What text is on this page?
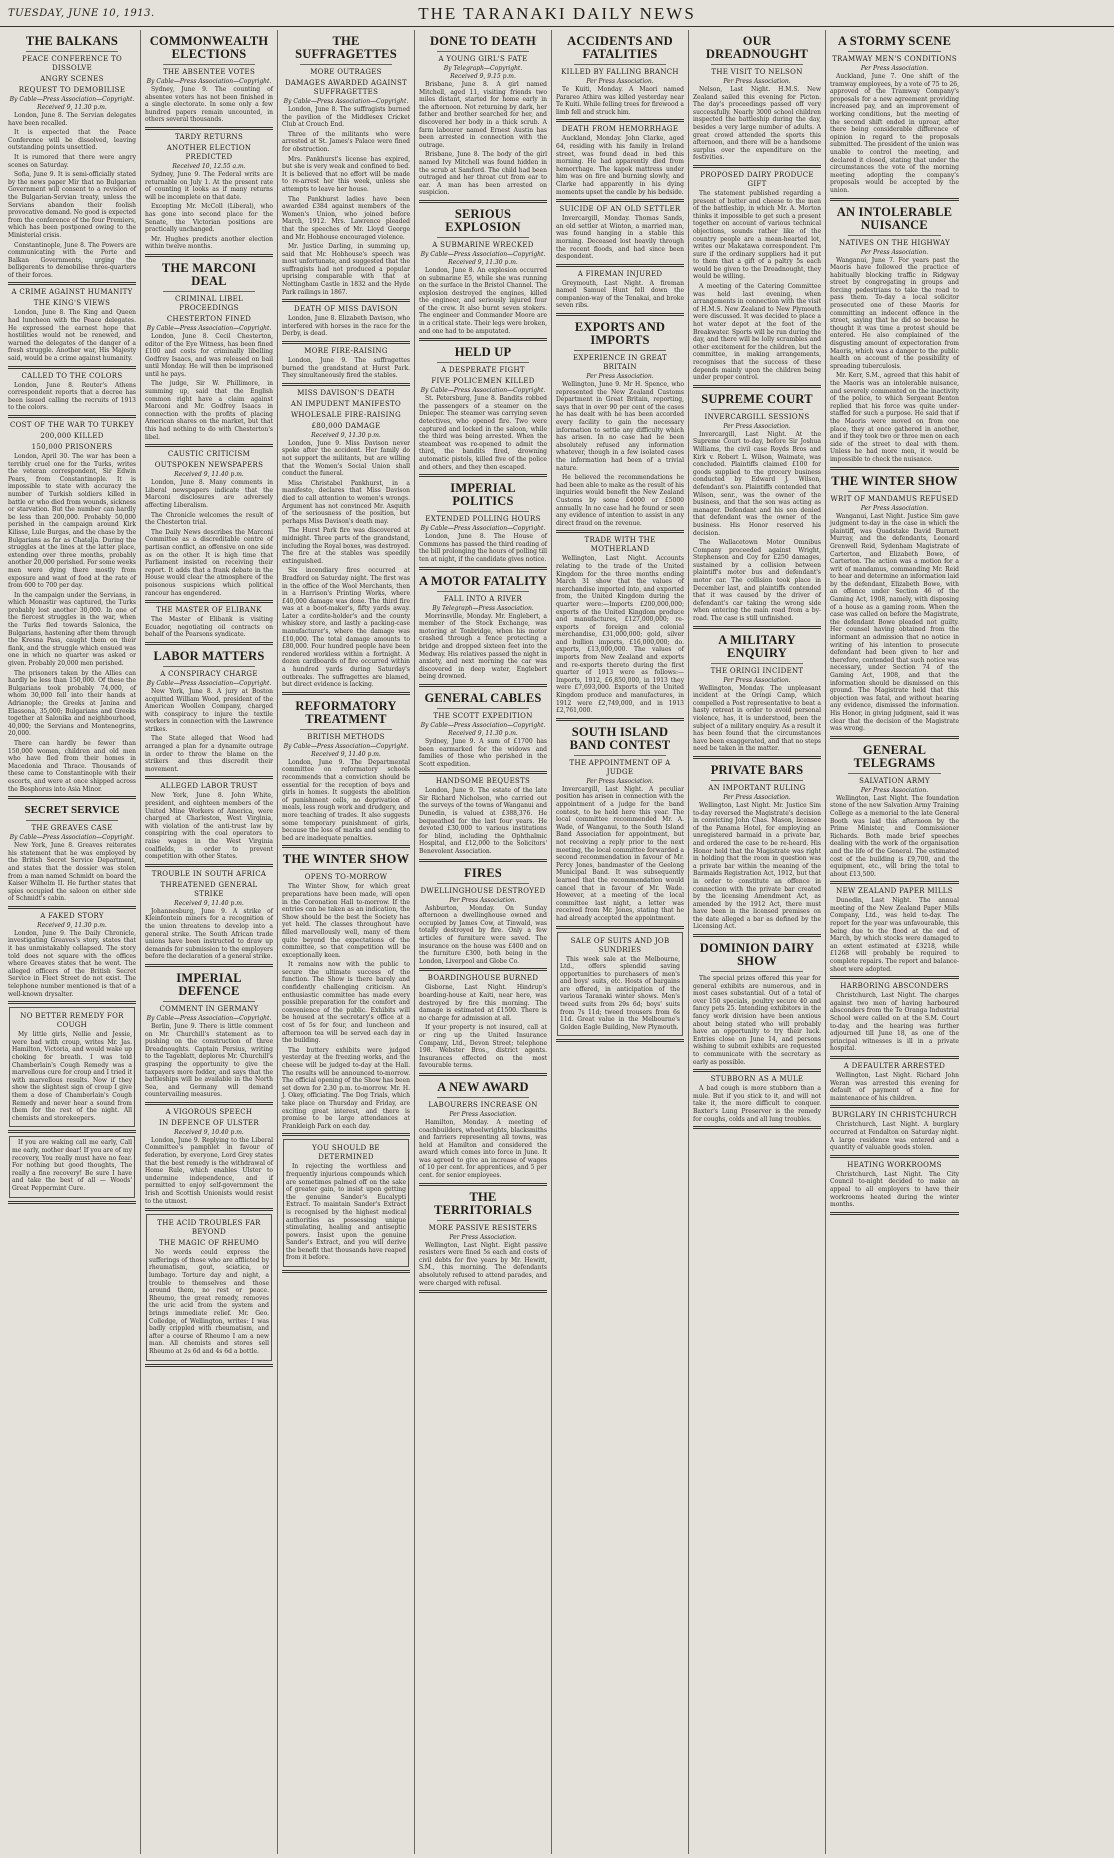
TUESDAY, JUNE 10, 1913.	THE TARANAKI DAILY NEWS
THE BALKANS
PEACE CONFERENCE TO DISSOLVE
ANGRY SCENES
REQUEST TO DEMOBILISE
By Cable—Press Association—Copyright.
Received 9, 11.30 p.m.

London, June 8. The Servian delegates have been recalled.

It is expected that the Peace Conference will be dissolved, leaving outstanding points unsettled.

It is rumored that there were angry scenes on Saturday.

Sofia, June 9. It is semi-officially stated by the news paper Mir that no Bulgarian Government will consent to a revision of the Bulgarian-Servian treaty, unless the Servians abandon their foolish provocative demand. No good is expected from the conference of the four Premiers, which has been postponed owing to the Ministerial crisis.

Constantinople, June 8. The Powers are communicating with the Porte and Balkan Governments, urging the belligerents to demobilise three-quarters of their forces.

A CRIME AGAINST HUMANITY
THE KING'S VIEWS

London, June 8. The King and Queen had luncheon with the Peace delegates. He expressed the earnest hope that hostilities would not be renewed, and warned the delegates of the danger of a fresh struggle. Another war, His Majesty said, would be a crime against humanity.

CALLED TO THE COLORS

London, June 8. Reuter's Athens correspondent reports that a decree has been issued calling the recruits of 1913 to the colors.

COST OF THE WAR TO TURKEY
200,000 KILLED
150,000 PRISONERS

London, April 30. The war has been a terribly cruel one for the Turks, writes the veteran correspondent, Sir Edwin Pears, from Constantinople. It is impossible to state with accuracy the number of Turkish soldiers killed in battle or who died from wounds, sickness or starvation. But the number can hardly be less than 200,000. Probably 50,000 perished in the campaign around Kirk Kilisse, Lule Burgas, and the chase by the Bulgarians as far as Chatalja. During the struggles at the lines at the latter place, extending over three months, probably another 20,000 perished. For some weeks men were dying there mostly from exposure and want of food at the rate of from 600 to 700 per day.

In the campaign under the Servians, in which Monastir was captured, the Turks probably lost another 30,000. In one of the fiercest struggles in the war, when the Turks fled towards Salonica, the Bulgarians, hastening after them through the Kresna Pass, caught them on their flank, and the struggle which ensued was one in which no quarter was asked or given. Probably 20,000 men perished.

The prisoners taken by the Allies can hardly be less than 150,000. Of these the Bulgarians took probably 74,000, of whom 30,000 fell into their hands at Adrianople; the Greeks at Janina and Elassona, 35,000; Bulgarians and Greeks together at Salonika and neighbourhood, 40,000; the Servians and Montenegrins, 20,000.

There can hardly be fewer than 150,000 women, children and old men who have fled from their homes in Macedonia and Thrace. Thousands of these came to Constantinople with their escorts, and were at once shipped across the Bosphorus into Asia Minor.

SECRET SERVICE
THE GREAVES CASE
By Cable—Press Association—Copyright.

New York, June 8. Greaves reiterates his statement that he was employed by the British Secret Service Department, and states that the dossier was stolen from a man named Schmidt on board the Kaiser Wilhelm II. He further states that spies occupied the saloon on either side of Schmidt's cabin.

A FAKED STORY
Received 9, 11.30 p.m.

London, June 9. The Daily Chronicle, investigating Greaves's story, states that it has unmistakably collapsed. The story told does not square with the offices where Greaves states that he went. The alleged officers of the British Secret Service in Fleet Street do not exist. The telephone number mentioned is that of a well-known drysalter.

NO BETTER REMEDY FOR COUGH

My little girls, Nellie and Jessie, were bad with croup, writes Mr. Jas. Hamilton, Victoria, and would wake up choking for breath. I was told Chamberlain's Cough Remedy was a marvellous cure for croup and I tried it with marvellous results. Now if they show the slightest sign of croup I give them a dose of Chamberlain's Cough Remedy and never hear a sound from them for the rest of the night. All chemists and storekeepers.

If you are waking call me early, Call me early, mother dear! If you are of my recovery, You really must have no fear. For nothing but good thoughts, The really a fine recovery! Be sure I have and take the best of all — Woods' Great Peppermint Cure.

COMMONWEALTH ELECTIONS
THE ABSENTEE VOTES
By Cable—Press Association—Copyright.

Sydney, June 9. The counting of absentee voters has not been finished in a single electorate. In some only a few hundred papers remain uncounted, in others several thousands.

TARDY RETURNS
ANOTHER ELECTION PREDICTED
Received 10, 12.55 a.m.

Sydney, June 9. The Federal writs are returnable on July 1. At the present rate of counting it looks as if many returns will be incomplete on that date.

Excepting Mr. McColl (Liberal), who has gone into second place for the Senate, the Victorian positions are practically unchanged.

Mr. Hughes predicts another election within twelve months.

THE MARCONI DEAL
CRIMINAL LIBEL PROCEEDINGS
CHESTERTON FINED
By Cable—Press Association—Copyright.

London, June 8. Cecil Chesterton, editor of the Eye Witness, has been fined £100 and costs for criminally libelling Godfrey Isaacs, and was released on bail until Monday. He will then be imprisoned until he pays.

The judge, Sir W. Phillimore, in summing up, said that the English common right have a claim against Marconi and Mr. Godfrey Isaacs in connection with the profits of placing American shares on the market, but that this had nothing to do with Chesterton's libel.

CAUSTIC CRITICISM
OUTSPOKEN NEWSPAPERS
Received 9, 11.40 p.m.

London, June 8. Many comments in Liberal newspapers indicate that the Marconi disclosures are adversely affecting Liberalism.

The Chronicle welcomes the result of the Chesterton trial.

The Daily News describes the Marconi Committee as a discreditable centre of partisan conflict, an offensive on one side as on the other. It is high time that Parliament insisted on receiving their report. It adds that a frank debate in the House would clear the atmosphere of the poisonous suspicions which political rancour has engendered.

THE MASTER OF ELIBANK

The Master of Elibank is visiting Ecuador, negotiating oil contracts on behalf of the Pearsons syndicate.

LABOR MATTERS
A CONSPIRACY CHARGE
By Cable—Press Association—Copyright.

New York, June 8. A jury at Boston acquitted William Wood, president of the American Woollen Company, charged with conspiracy to injure the textile workers in connection with the Lawrence strikes.

The State alleged that Wood had arranged a plan for a dynamite outrage in order to throw the blame on the strikers and thus discredit their movement.

ALLEGED LABOR TRUST

New York, June 8. John White, president, and eighteen members of the United Mine Workers of America, were charged at Charleston, West Virginia, with violation of the anti-trust law by conspiring with the coal operators to raise wages in the West Virginia coalfields, in order to prevent competition with other States.

TROUBLE IN SOUTH AFRICA
THREATENED GENERAL STRIKE
Received 9, 11.40 p.m.

Johannesburg, June 9. A strike of Kleinfontein miners for a recognition of the union threatens to develop into a general strike. The South African trade unions have been instructed to draw up demands for submission to the employers before the declaration of a general strike.

IMPERIAL DEFENCE
COMMENT IN GERMANY
By Cable—Press Association—Copyright.

Berlin, June 9. There is little comment on Mr. Churchill's statement as to pushing on the construction of three Dreadnoughts. Captain Persius, writing to the Tageblatt, deplores Mr. Churchill's grasping the opportunity to give the taxpayers more fodder, and says that the battleships will be available in the North Sea, and Germany will demand countervailing measures.

A VIGOROUS SPEECH
IN DEFENCE OF ULSTER
Received 9, 10.40 p.m.

London, June 9. Replying to the Liberal Committee's pamphlet in favour of federation, by everyone, Lord Grey states that the best remedy is the withdrawal of Home Rule, which enables Ulster to undermine independence, and if permitted to enjoy self-government the Irish and Scottish Unionists would resist to the utmost.

THE ACID TROUBLES FAR BEYOND
THE MAGIC OF RHEUMO

No words could express the sufferings of those who are afflicted by rheumatism, gout, sciatica, or lumbago. Torture day and night, a trouble to themselves and those around them, no rest or peace. Rheumo, the great remedy, removes the uric acid from the system and brings immediate relief. Mr. Geo. Colledge, of Wellington, writes: I was badly crippled with rheumatism, and after a course of Rheumo I am a new man. All chemists and stores sell Rheumo at 2s 6d and 4s 6d a bottle.

THE SUFFRAGETTES
MORE OUTRAGES
DAMAGES AWARDED AGAINST SUFFRAGETTES
By Cable—Press Association—Copyright.

London, June 8. The suffragists burned the pavilion of the Middlesex Cricket Club at Crouch End.

Three of the militants who were arrested at St. James's Palace were fined for obstruction.

Mrs. Pankhurst's license has expired, but she is very weak and confined to bed. It is believed that no effort will be made to re-arrest her this week, unless she attempts to leave her house.

The Pankhurst ladies have been awarded £384 against members of the Women's Union, who joined before March, 1912. Mrs. Lawrence pleaded that the speeches of Mr. Lloyd George and Mr. Hobhouse encouraged violence.

Mr. Justice Darling, in summing up, said that Mr. Hobhouse's speech was most unfortunate, and suggested that the suffragists had not produced a popular uprising comparable with that at Nottingham Castle in 1832 and the Hyde Park railings in 1867.

DEATH OF MISS DAVISON

London, June 8. Elizabeth Davison, who interfered with horses in the race for the Derby, is dead.

MORE FIRE-RAISING

London, June 9. The suffragettes burned the grandstand at Hurst Park. They simultaneously fired the stables.

MISS DAVISON'S DEATH
AN IMPUDENT MANIFESTO
WHOLESALE FIRE-RAISING
£80,000 DAMAGE
Received 9, 11.30 p.m.

London, June 9. Miss Davison never spoke after the accident. Her family do not support the militants, but are willing that the Women's Social Union shall conduct the funeral.

Miss Christabel Pankhurst, in a manifesto, declares that Miss Davison died to call attention to women's wrongs. Argument has not convinced Mr. Asquith of the seriousness of the position, but perhaps Miss Davison's death may.

The Hurst Park fire was discovered at midnight. Three parts of the grandstand, including the Royal boxes, was destroyed. The fire at the stables was speedily extinguished.

Six incendiary fires occurred at Bradford on Saturday night. The first was in the office of the Wool Merchants, then in a Harrison's Printing Works, where £40,000 damage was done. The third fire was at a boot-maker's, fifty yards away. Later a cordite-holder's and the county whiskey store, and lastly a packing-case manufacturer's, where the damage was £10,000. The total damage amounts to £80,000. Four hundred people have been rendered workless within a fortnight. A dozen cardboards of fire occurred within a hundred yards during Saturday's outbreaks. The suffragettes are blamed, but direct evidence is lacking.

REFORMATORY TREATMENT
BRITISH METHODS
By Cable—Press Association—Copyright.
Received 9, 11.40 p.m.

London, June 9. The Departmental committee on reformatory schools recommends that a conviction should be essential for the reception of boys and girls in homes. It suggests the abolition of punishment cells, no deprivation of meals, less rough work and drudgery, and more teaching of trades. It also suggests some temporary punishment of girls, because the loss of marks and sending to bed are inadequate penalties.

THE WINTER SHOW
OPENS TO-MORROW

The Winter Show, for which great preparations have been made, will open in the Coronation Hall to-morrow. If the entries can be taken as an indication, the Show should be the best the Society has yet held. The classes throughout have filled marvellously well, many of them quite beyond the expectations of the committee, so that competition will be exceptionally keen.

It remains now with the public to secure the ultimate success of the function. The Show is there barely and confidently challenging criticism. An enthusiastic committee has made every possible preparation for the comfort and convenience of the public. Exhibits will be housed at the secretary's office at a cost of 5s for four, and luncheon and afternoon tea will be served each day in the building.

The buttery exhibits were judged yesterday at the freezing works, and the cheese will be judged to-day at the Hall. The results will be announced to-morrow. The official opening of the Show has been set down for 2.30 p.m. to-morrow. Mr. H. J. Okey, officiating. The Dog Trials, which take place on Thursday and Friday, are exciting great interest, and there is promise to be large attendances at Frankleigh Park on each day.

YOU SHOULD BE DETERMINED

In rejecting the worthless and frequently injurious compounds which are sometimes palmed off on the sake of greater gain, to insist upon getting the genuine Sander's Eucalypti Extract. To maintain Sander's Extract is recognised by the highest medical authorities as possessing unique stimulating, healing and antiseptic powers. Insist upon the genuine Sander's Extract, and you will derive the benefit that thousands have reaped from it before.

DONE TO DEATH
A YOUNG GIRL'S FATE
By Telegraph—Copyright.
Received 9, 9.15 p.m.

Brisbane, June 8. A girl named Mitchell, aged 11, visiting friends two miles distant, started for home early in the afternoon. Not returning by dark, her father and brother searched for her, and discovered her body in a thick scrub. A farm labourer named Ernest Austin has been arrested in connection with the outrage.

Brisbane, June 8. The body of the girl named Ivy Mitchell was found hidden in the scrub at Samford. The child had been outraged and her throat cut from ear to ear. A man has been arrested on suspicion.

SERIOUS EXPLOSION
A SUBMARINE WRECKED
By Cable—Press Association—Copyright.
Received 9, 11.30 p.m.

London, June 8. An explosion occurred on submarine E5, while she was running on the surface in the Bristol Channel. The explosion destroyed the engines, killed the engineer, and seriously injured four of the crew. It also burnt seven stokers. The engineer and Commander Moore are in a critical state. Their legs were broken, and one had to be amputated.

HELD UP
A DESPERATE FIGHT
FIVE POLICEMEN KILLED
By Cable—Press Association—Copyright.

St. Petersburg, June 8. Bandits robbed the passengers of a steamer on the Dnieper. The steamer was carrying seven detectives, who opened fire. Two were captured and locked in the saloon, while the third was being arrested. When the steamboat was re-opened to admit the third, the bandits fired, drowning automatic pistols, killed five of the police and others, and they then escaped.

IMPERIAL POLITICS
EXTENDED POLLING HOURS
By Cable—Press Association—Copyright.

London, June 8. The House of Commons has passed the third reading of the bill prolonging the hours of polling till ten at night, if the candidate gives notice.

A MOTOR FATALITY
FALL INTO A RIVER
By Telegraph—Press Association.

Morrinsville, Monday. Mr. Englebert, a member of the Stock Exchange, was motoring at Tonbridge, when his motor crashed through a fence protecting a bridge and dropped sixteen feet into the Medway. His relatives passed the night in anxiety, and next morning the car was discovered in deep water, Englebert being drowned.

GENERAL CABLES
THE SCOTT EXPEDITION
By Cable—Press Association—Copyright.
Received 9, 11.30 p.m.

Sydney, June 9. A sum of £1700 has been earmarked for the widows and families of those who perished in the Scott expedition.

HANDSOME BEQUESTS

London, June 9. The estate of the late Sir Richard Nicholson, who carried out the surveys of the towns of Wanganui and Dunedin, is valued at £388,376. He bequeathed for the last four years. He devoted £30,000 to various institutions for blind, including the Ophthalmic Hospital, and £12,000 to the Solicitors' Benevolent Association.

FIRES
DWELLINGHOUSE DESTROYED
Per Press Association.

Ashburton, Monday. On Sunday afternoon a dwellinghouse owned and occupied by James Cow, at Tinwald, was totally destroyed by fire. Only a few articles of furniture were saved. The insurance on the house was £400 and on the furniture £300, both being in the London, Liverpool and Globe Co.

BOARDINGHOUSE BURNED

Gisborne, Last Night. Hindrup's boarding-house at Kaiti, near here, was destroyed by fire this morning. The damage is estimated at £1500. There is no charge for admission at all.

If your property is not insured, call at or ring up the United Insurance Company, Ltd., Devon Street; telephone 198. Webster Bros., district agents. Insurances effected on the most favourable terms.

A NEW AWARD
LABOURERS INCREASE ON
Per Press Association.

Hamilton, Monday. A meeting of coachbuilders, wheelwrights, blacksmiths and farriers representing all towns, was held at Hamilton and considered the award which comes into force in June. It was agreed to give an increase of wages of 10 per cent. for apprentices, and 5 per cent. for senior employees.

THE TERRITORIALS
MORE PASSIVE RESISTERS
Per Press Association.

Wellington, Last Night. Eight passive resisters were fined 5s each and costs of civil debts for five years by Mr. Hewitt, S.M., this morning. The defendants absolutely refused to attend parades, and were charged with refusal.

ACCIDENTS AND FATALITIES
KILLED BY FALLING BRANCH
Per Press Association.

Te Kuiti, Monday. A Maori named Parareo Athira was killed yesterday near Te Kuiti. While felling trees for firewood a limb fell and struck him.

DEATH FROM HEMORRHAGE

Auckland, Monday. John Clarke, aged 64, residing with his family in Ireland street, was found dead in bed this morning. He had apparently died from hemorrhage. The kapok mattress under him was on fire and burning slowly, and Clarke had apparently in his dying moments upset the candle by his bedside.

SUICIDE OF AN OLD SETTLER

Invercargill, Monday. Thomas Sands, an old settler at Winton, a married man, was found hanging in a stable this morning. Deceased lost heavily through the recent floods, and had since been despondent.

A FIREMAN INJURED

Greymouth, Last Night. A fireman named Samuel Hunt fell down the companion-way of the Tenakai, and broke seven ribs.

EXPORTS AND IMPORTS
EXPERIENCE IN GREAT BRITAIN
Per Press Association.

Wellington, June 9. Mr H. Spence, who represented the New Zealand Customs Department in Great Britain, reporting, says that in over 90 per cent of the cases he has dealt with he has been accorded every facility to gain the necessary information to settle any difficulty which has arisen. In no case had he been absolutely refused any information whatever, though in a few isolated cases the information had been of a trivial nature.

He believed the recommendations he had been able to make as the result of his inquiries would benefit the New Zealand Customs by some £4000 or £5000 annually. In no case had he found or seen any evidence of intention to assist in any direct fraud on the revenue.

TRADE WITH THE MOTHERLAND

Wellington, Last Night. Accounts relating to the trade of the United Kingdom for the three months ending March 31 show that the values of merchandise imported into, and exported from, the United Kingdom during the quarter were:—Imports £200,000,000; exports of the United Kingdom produce and manufactures, £127,000,000; re-exports of foreign and colonial merchandise, £31,000,000; gold, silver and bullion imports, £16,000,000; do. exports, £13,000,000. The values of imports from New Zealand and exports and re-exports thereto during the first quarter of 1913 were as follows:—Imports, 1912, £6,850,000, in 1913 they were £7,693,000. Exports of the United Kingdom produce and manufactures, in 1912 were £2,749,000, and in 1913 £2,761,000.

SOUTH ISLAND BAND CONTEST
THE APPOINTMENT OF A JUDGE
Per Press Association.

Invercargill, Last Night. A peculiar position has arisen in connection with the appointment of a judge for the band contest, to be held here this year. The local committee recommended Mr. A. Wade, of Wanganui, to the South Island Band Association for appointment, but not receiving a reply prior to the next meeting, the local committee forwarded a second recommendation in favour of Mr. Percy Jones, bandmaster of the Geelong Municipal Band. It was subsequently learned that the recommendation would cancel that in favour of Mr. Wade. However, at a meeting of the local committee last night, a letter was received from Mr. Jones, stating that he had already accepted the appointment.

SALE OF SUITS AND JOB SUNDRIES

This week sale at the Melbourne, Ltd., offers splendid saving opportunities to purchasers of men's and boys' suits, etc. Hosts of bargains are offered, in anticipation of the various Taranaki winter shows. Men's tweed suits from 29s 6d; boys' suits from 7s 11d; tweed trousers from 6s 11d. Great value in the Melbourne's Golden Eagle Building, New Plymouth.

OUR DREADNOUGHT
THE VISIT TO NELSON
Per Press Association.

Nelson, Last Night. H.M.S. New Zealand sailed this evening for Picton. The day's proceedings passed off very successfully. Nearly 3000 school children inspected the battleship during the day, besides a very large number of adults. A great crowd attended the sports this afternoon, and there will be a handsome surplus over the expenditure on the festivities.

PROPOSED DAIRY PRODUCE GIFT

The statement published regarding a present of butter and cheese to the men of the battleship, in which Mr. A. Morton thinks it impossible to get such a present together on account of various technical objections, sounds rather like of the country people are a mean-hearted lot, writes our Makatawa correspondent. I'm sure if the ordinary suppliers had it put to them that a gift of a paltry 5s each would be given to the Dreadnought, they would be willing.

A meeting of the Catering Committee was held last evening, when arrangements in connection with the visit of H.M.S. New Zealand to New Plymouth were discussed. It was decided to place a hot water depot at the foot of the Breakwater. Sports will be run during the day, and there will be lolly scrambles and other excitement for the children, but the committee, in making arrangements, recognises that the success of these depends mainly upon the children being under proper control.

SUPREME COURT
INVERCARGILL SESSIONS
Per Press Association.

Invercargill, Last Night. At the Supreme Court to-day, before Sir Joshua Williams, the civil case Royds Bros and Kirk v. Robert L. Wilson, Waimate, was concluded. Plaintiffs claimed £100 for goods supplied to the grocery business conducted by Edward J. Wilson, defendant's son. Plaintiffs contended that Wilson, senr., was the owner of the business, and that the son was acting as manager. Defendant and his son denied that defendant was the owner of the business. His Honor reserved his decision.

The Wallacetown Motor Omnibus Company proceeded against Wright, Stephenson and Coy for £250 damages, sustained by a collision between plaintiff's motor bus and defendant's motor car. The collision took place in December last, and plaintiffs contended that it was caused by the driver of defendant's car taking the wrong side when entering the main road from a by-road. The case is still unfinished.

A MILITARY ENQUIRY
THE ORINGI INCIDENT
Per Press Association.

Wellington, Monday. The unpleasant incident at the Oringi Camp, which compelled a Post representative to beat a hasty retreat in order to avoid personal violence, has, it is understood, been the subject of a military enquiry. As a result it has been found that the circumstances have been exaggerated, and that no steps need be taken in the matter.

PRIVATE BARS
AN IMPORTANT RULING
Per Press Association.

Wellington, Last Night. Mr. Justice Sim to-day reversed the Magistrate's decision in convicting John Chas. Mason, licensee of the Panama Hotel, for employing an unregistered barmaid in a private bar, and ordered the case to be re-heard. His Honor held that the Magistrate was right in holding that the room in question was a private bar within the meaning of the Barmaids Registration Act, 1912, but that in order to constitute an offence in connection with the private bar created by the licensing Amendment Act, as amended by the 1912 Act, there must have been in the licensed premises on the date alleged a bar as defined by the Licensing Act.

DOMINION DAIRY SHOW

The special prizes offered this year for general exhibits are numerous, and in most cases substantial. Out of a total of over 150 specials, poultry secure 40 and fancy pets 25. Intending exhibitors in the fancy work division have been anxious about being stated who will probably have an opportunity to try their luck. Entries close on June 14, and persons wishing to submit exhibits are requested to communicate with the secretary as early as possible.

STUBBORN AS A MULE

A bad cough is more stubborn than a mule. But if you stick to it, and will not take it, the more difficult to conquer. Baxter's Lung Preserver is the remedy for coughs, colds and all lung troubles.

A STORMY SCENE
TRAMWAY MEN'S CONDITIONS
Per Press Association.

Auckland, June 7. One shift of the tramway employees, by a vote of 75 to 26, approved of the Tramway Company's proposals for a new agreement providing increased pay, and an improvement of working conditions, but the meeting of the second shift ended in uproar, after there being considerable difference of opinion in regard to the proposals submitted. The president of the union was unable to control the meeting, and declared it closed, stating that under the circumstances the vote of the morning meeting adopting the company's proposals would be accepted by the union.

AN INTOLERABLE NUISANCE
NATIVES ON THE HIGHWAY
Per Press Association.

Wanganui, June 7. For years past the Maoris have followed the practice of habitually blocking traffic in Ridgway street by congregating in groups and forcing pedestrians to take the road to pass them. To-day a local solicitor prosecuted one of these Maoris for committing an indecent offence in the street, saying that he did so because he thought it was time a protest should be entered. He also complained of the disgusting amount of expectoration from Maoris, which was a danger to the public health on account of the possibility of spreading tuberculosis.

Mr. Kerr, S.M., agreed that this habit of the Maoris was an intolerable nuisance, and severely commented on the inactivity of the police, to which Sergeant Benton replied that his force was quite under-staffed for such a purpose. He said that if the Maoris were moved on from one place, they at once gathered in another, and if they took two or three men on each side of the street to deal with them. Unless he had more men, it would be impossible to check the nuisance.

THE WINTER SHOW
WRIT OF MANDAMUS REFUSED
Per Press Association.

Wanganui, Last Night. Justice Sim gave judgment to-day in the case in which the plaintiff, was Quadstake David Burnett Murray, and the defendants, Leonard Grenwell Reid, Sydenham Magistrate of Carterton, and Elizabeth Bowe, of Carterton. The action was a motion for a writ of mandamus, commanding Mr. Reid to hear and determine an information laid by the defendant, Elizabeth Bowe, with an offence under Section 46 of the Gaming Act, 1908, namely, with disposing of a house as a gaming room. When the case was called on before the Magistrate, the defendant Bowe pleaded not guilty. Her counsel having obtained from the informant an admission that no notice in writing of his intention to prosecute defendant had been given to her and therefore, contended that such notice was necessary, under Section 74 of the Gaming Act, 1908, and that the information should be dismissed on this ground. The Magistrate held that this objection was fatal, and without hearing any evidence, dismissed the information. His Honor, in giving judgment, said it was clear that the decision of the Magistrate was wrong.

GENERAL TELEGRAMS
SALVATION ARMY
Per Press Association.

Wellington, Last Night. The foundation stone of the new Salvation Army Training College as a memorial to the late General Booth was laid this afternoon by the Prime Minister, and Commissioner Richards. Both made brief speeches dealing with the work of the organisation and the life of the General. The estimated cost of the building is £9,700, and the equipment, etc., will bring the total to about £13,500.

NEW ZEALAND PAPER MILLS

Dunedin, Last Night. The annual meeting of the New Zealand Paper Mills Company, Ltd., was held to-day. The report for the year was unfavourable, this being due to the flood at the end of March, by which stocks were damaged to an extent estimated at £3218, while £1268 will probably be required to complete repairs. The report and balance-sheet were adopted.

HARBORING ABSCONDERS

Christchurch, Last Night. The charges against two men of having harboured absconders from the Te Oranga Industrial School were called on at the S.M. Court to-day, and the hearing was further adjourned till June 18, as one of the principal witnesses is ill in a private hospital.

A DEFAULTER ARRESTED

Wellington, Last Night. Richard John Weran was arrested this evening for default of payment of a fine for maintenance of his children.

BURGLARY IN CHRISTCHURCH

Christchurch, Last Night. A burglary occurred at Fendalton on Saturday night. A large residence was entered and a quantity of valuable goods stolen.

HEATING WORKROOMS

Christchurch, Last Night. The City Council to-night decided to make an appeal to all employers to have their workrooms heated during the winter months.
